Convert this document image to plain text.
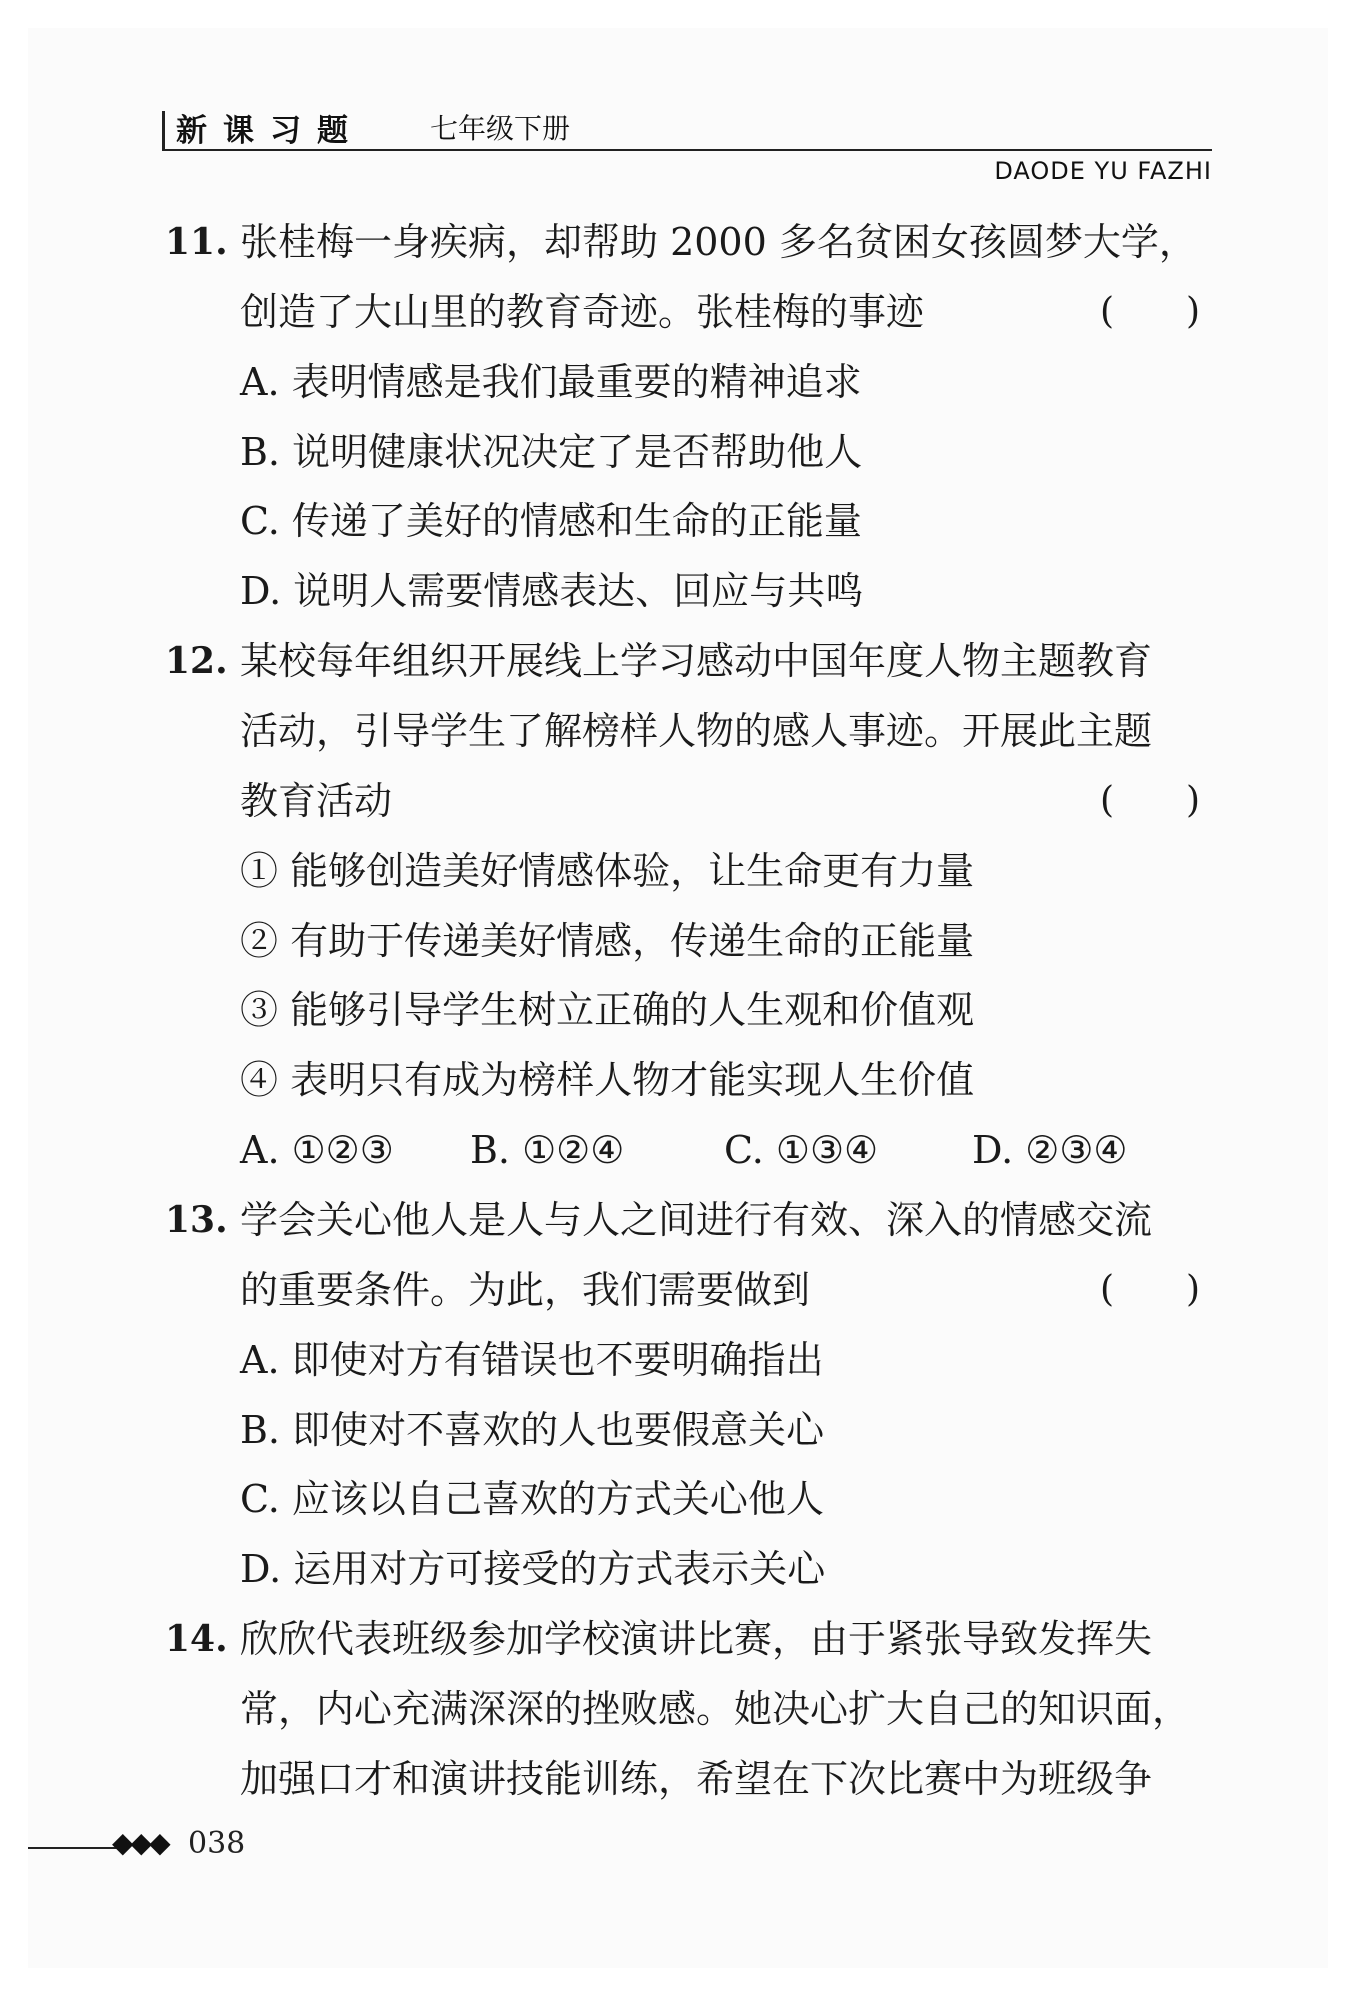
新课习题 七年级下册
DAODE YU FAZHI
11. 张桂梅一身疾病，却帮助 2000 多名贫困女孩圆梦大学，
创造了大山里的教育奇迹。张桂梅的事迹	(　　)
A. 表明情感是我们最重要的精神追求
B. 说明健康状况决定了是否帮助他人
C. 传递了美好的情感和生命的正能量
D. 说明人需要情感表达、回应与共鸣
12. 某校每年组织开展线上学习感动中国年度人物主题教育
活动，引导学生了解榜样人物的感人事迹。开展此主题
教育活动	(　　)
① 能够创造美好情感体验，让生命更有力量
② 有助于传递美好情感，传递生命的正能量
③ 能够引导学生树立正确的人生观和价值观
④ 表明只有成为榜样人物才能实现人生价值
A. ①②③ B. ①②④	C. ①③④ D. ②③④
13. 学会关心他人是人与人之间进行有效、深入的情感交流
的重要条件。为此，我们需要做到	(　　)
A. 即使对方有错误也不要明确指出
B. 即使对不喜欢的人也要假意关心
C. 应该以自己喜欢的方式关心他人
D. 运用对方可接受的方式表示关心
14. 欣欣代表班级参加学校演讲比赛，由于紧张导致发挥失
常，内心充满深深的挫败感。她决心扩大自己的知识面，
加强口才和演讲技能训练，希望在下次比赛中为班级争
◆◆◆ 038
